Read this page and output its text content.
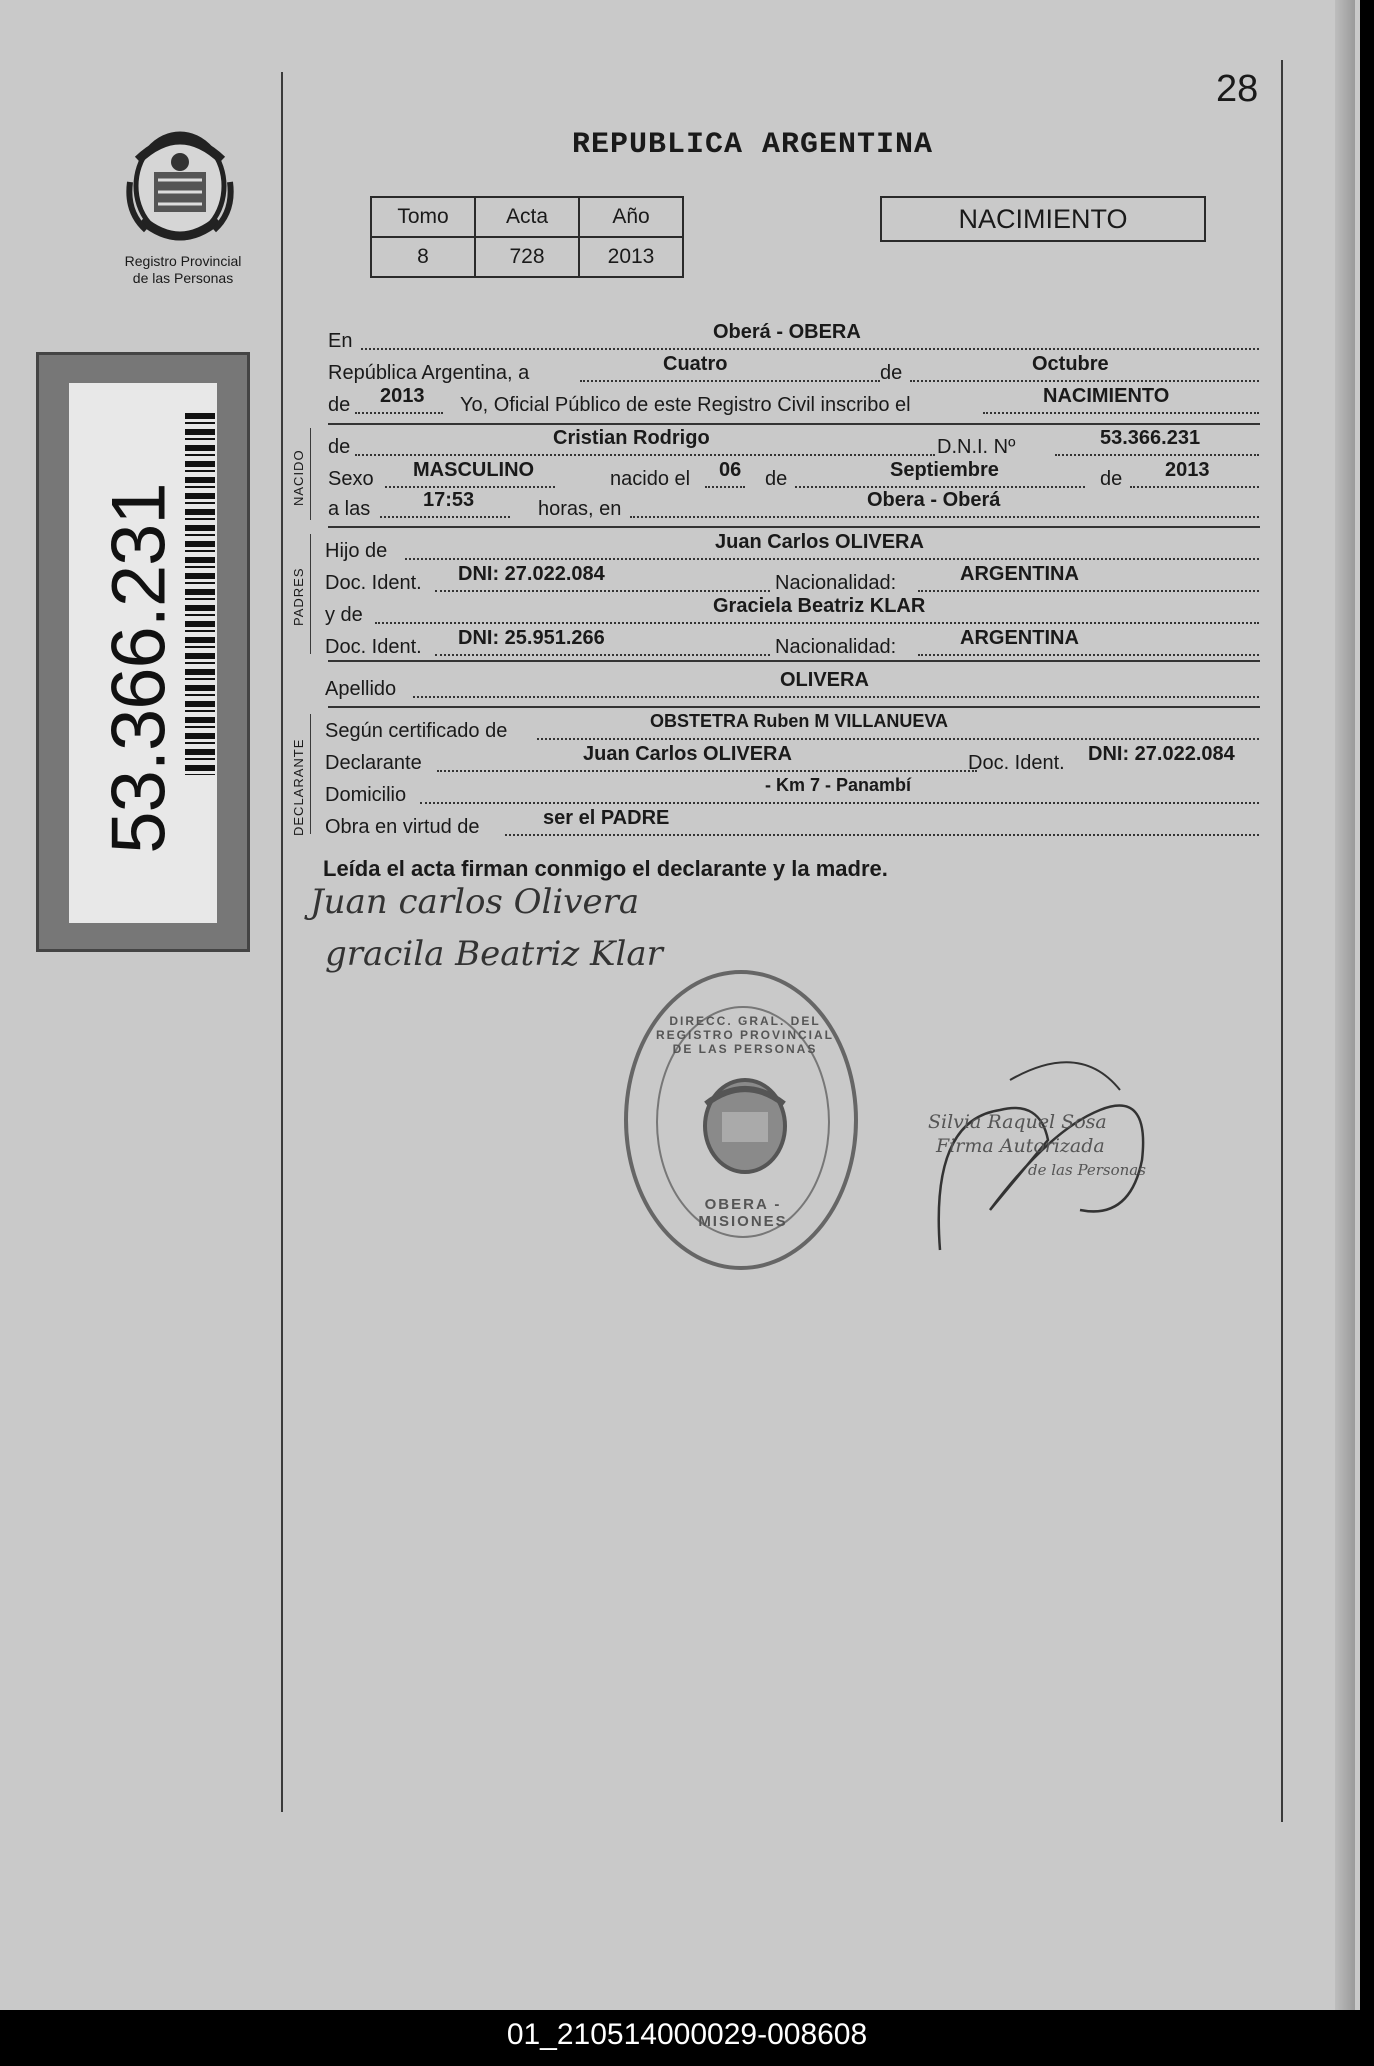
28
REPUBLICA ARGENTINA
Registro Provincial
de las Personas
53.366.231
Tomo	Acta	Año
8	728	2013
NACIMIENTO
En	Oberá - OBERA
República Argentina, a	Cuatro	de	Octubre
de 2013 Yo, Oficial Público de este Registro Civil inscribo el	NACIMIENTO
NACIDO
de	Cristian Rodrigo	D.N.I. Nº	53.366.231
Sexo MASCULINO	nacido el 06 de	Septiembre	de 2013
a las	17:53	horas, en	Obera - Oberá
PADRES
Hijo de	Juan Carlos OLIVERA
Doc. Ident. DNI: 27.022.084	Nacionalidad:	ARGENTINA
y de	Graciela Beatriz KLAR
Doc. Ident. DNI: 25.951.266	Nacionalidad:	ARGENTINA
Apellido	OLIVERA
DECLARANTE
Según certificado de	OBSTETRA Ruben M VILLANUEVA
Declarante	Juan Carlos OLIVERA	Doc. Ident. DNI: 27.022.084
Domicilio	- Km 7 - Panambí
Obra en virtud de	ser el PADRE
Leída el acta firman conmigo el declarante y la madre.
Juan carlos Olivera
gracila Beatriz Klar
DIRECC. GRAL. DEL REGISTRO PROVINCIAL DE LAS PERSONAS
OBERA - MISIONES
Silvia Raquel Sosa
Firma Autorizada
de las Personas
01_210514000029-008608
